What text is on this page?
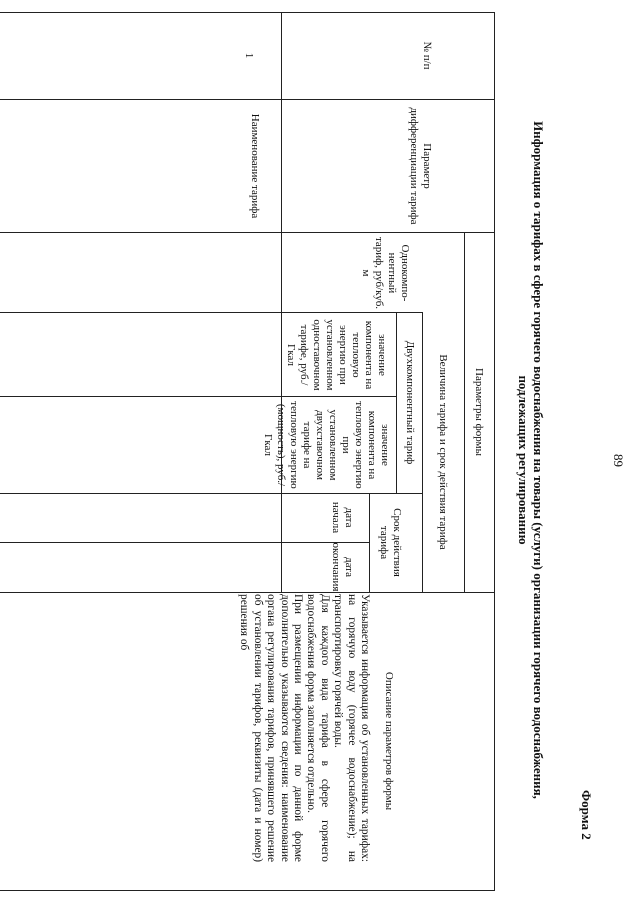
89
Форма 2
Информация о тарифах в сфере горячего водоснабжения на товары (услуги) организации горячего водоснабжения,
подлежащих регулированию
№ п/п
Параметр дифференциации тарифа
Параметры формы
Величина тарифа и срок действия тарифа
Однокомпонентный тариф, руб/куб. м
Двухкомпонентный тариф
значение компонента на тепловую энергию при установленном одноставочном тарифе, руб./Гкал
значение компонента на тепловую энергию при установленном двухставочном тарифе на тепловую энергию (мощность), руб./Гкал
Срок действия тарифа
дата начала
дата окончания
Описание параметров формы
1
Наименование тарифа

Указывается информация об установленных тарифах: на горячую воду (горячее водоснабжение); на транспортировку горячей воды.

Для каждого вида тарифа в сфере горячего водоснабжения форма заполняется отдельно.

При размещении информации по данной форме дополнительно указываются сведения: наименование органа регулирования тарифов, принявшего решение об установлении тарифов, реквизиты (дата и номер) решения об
